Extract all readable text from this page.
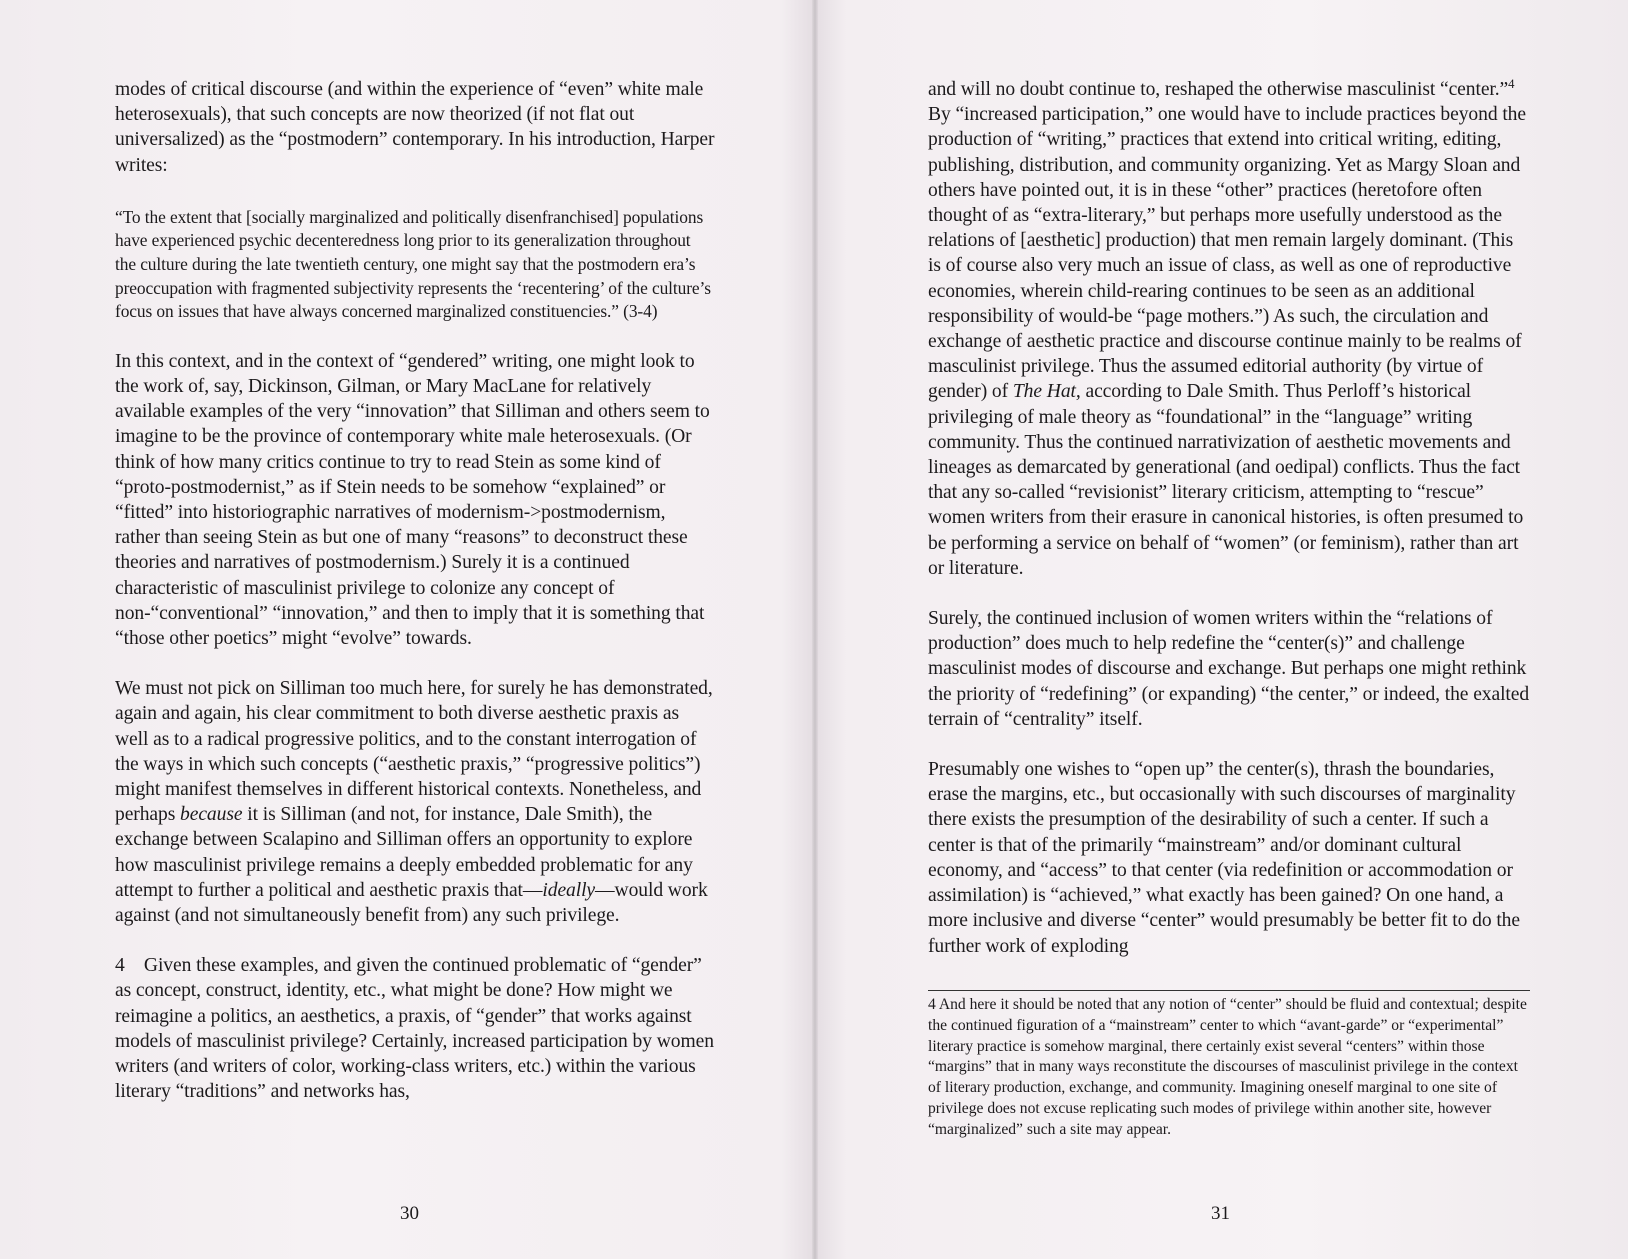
modes of critical discourse (and within the experience of “even” white male heterosexuals), that such concepts are now theorized (if not flat out universalized) as the “postmodern” contemporary. In his introduction, Harper writes:

“To the extent that [socially marginalized and politically disenfranchised] populations have experienced psychic decenteredness long prior to its generalization throughout the culture during the late twentieth century, one might say that the postmodern era’s preoccupation with fragmented subjectivity represents the ‘recentering’ of the culture’s focus on issues that have always concerned marginalized constituencies.” (3-4)

In this context, and in the context of “gendered” writing, one might look to the work of, say, Dickinson, Gilman, or Mary MacLane for relatively available examples of the very “innovation” that Silliman and others seem to imagine to be the province of contemporary white male heterosexuals. (Or think of how many critics continue to try to read Stein as some kind of “proto-postmodernist,” as if Stein needs to be somehow “explained” or “fitted” into historiographic narratives of modernism->postmodernism, rather than seeing Stein as but one of many “reasons” to deconstruct these theories and narratives of postmodernism.) Surely it is a continued characteristic of masculinist privilege to colonize any concept of non-“conventional” “innovation,” and then to imply that it is something that “those other poetics” might “evolve” towards.

We must not pick on Silliman too much here, for surely he has demonstrated, again and again, his clear commitment to both diverse aesthetic praxis as well as to a radical progressive politics, and to the constant interrogation of the ways in which such concepts (“aesthetic praxis,” “progressive politics”) might manifest themselves in different historical contexts. Nonetheless, and perhaps because it is Silliman (and not, for instance, Dale Smith), the exchange between Scalapino and Silliman offers an opportunity to explore how masculinist privilege remains a deeply embedded problematic for any attempt to further a political and aesthetic praxis that—ideally—would work against (and not simultaneously benefit from) any such privilege.

4 Given these examples, and given the continued problematic of “gender” as concept, construct, identity, etc., what might be done? How might we reimagine a politics, an aesthetics, a praxis, of “gender” that works against models of masculinist privilege? Certainly, increased participation by women writers (and writers of color, working-class writers, etc.) within the various literary “traditions” and networks has,

30

and will no doubt continue to, reshaped the otherwise masculinist “center.”$^4$ By “increased participation,” one would have to include practices beyond the production of “writing,” practices that extend into critical writing, editing, publishing, distribution, and community organizing. Yet as Margy Sloan and others have pointed out, it is in these “other” practices (heretofore often thought of as “extra-literary,” but perhaps more usefully understood as the relations of [aesthetic] production) that men remain largely dominant. (This is of course also very much an issue of class, as well as one of reproductive economies, wherein child-rearing continues to be seen as an additional responsibility of would-be “page mothers.”) As such, the circulation and exchange of aesthetic practice and discourse continue mainly to be realms of masculinist privilege. Thus the assumed editorial authority (by virtue of gender) of The Hat, according to Dale Smith. Thus Perloff’s historical privileging of male theory as “foundational” in the “language” writing community. Thus the continued narrativization of aesthetic movements and lineages as demarcated by generational (and oedipal) conflicts. Thus the fact that any so-called “revisionist” literary criticism, attempting to “rescue” women writers from their erasure in canonical histories, is often presumed to be performing a service on behalf of “women” (or feminism), rather than art or literature.

Surely, the continued inclusion of women writers within the “relations of production” does much to help redefine the “center(s)” and challenge masculinist modes of discourse and exchange. But perhaps one might rethink the priority of “redefining” (or expanding) “the center,” or indeed, the exalted terrain of “centrality” itself.

Presumably one wishes to “open up” the center(s), thrash the boundaries, erase the margins, etc., but occasionally with such discourses of marginality there exists the presumption of the desirability of such a center. If such a center is that of the primarily “mainstream” and/or dominant cultural economy, and “access” to that center (via redefinition or accommodation or assimilation) is “achieved,” what exactly has been gained? On one hand, a more inclusive and diverse “center” would presumably be better fit to do the further work of exploding

4 And here it should be noted that any notion of “center” should be fluid and contextual; despite the continued figuration of a “mainstream” center to which “avant-garde” or “experimental” literary practice is somehow marginal, there certainly exist several “centers” within those “margins” that in many ways reconstitute the discourses of masculinist privilege in the context of literary production, exchange, and community. Imagining oneself marginal to one site of privilege does not excuse replicating such modes of privilege within another site, however “marginalized” such a site may appear.
31
